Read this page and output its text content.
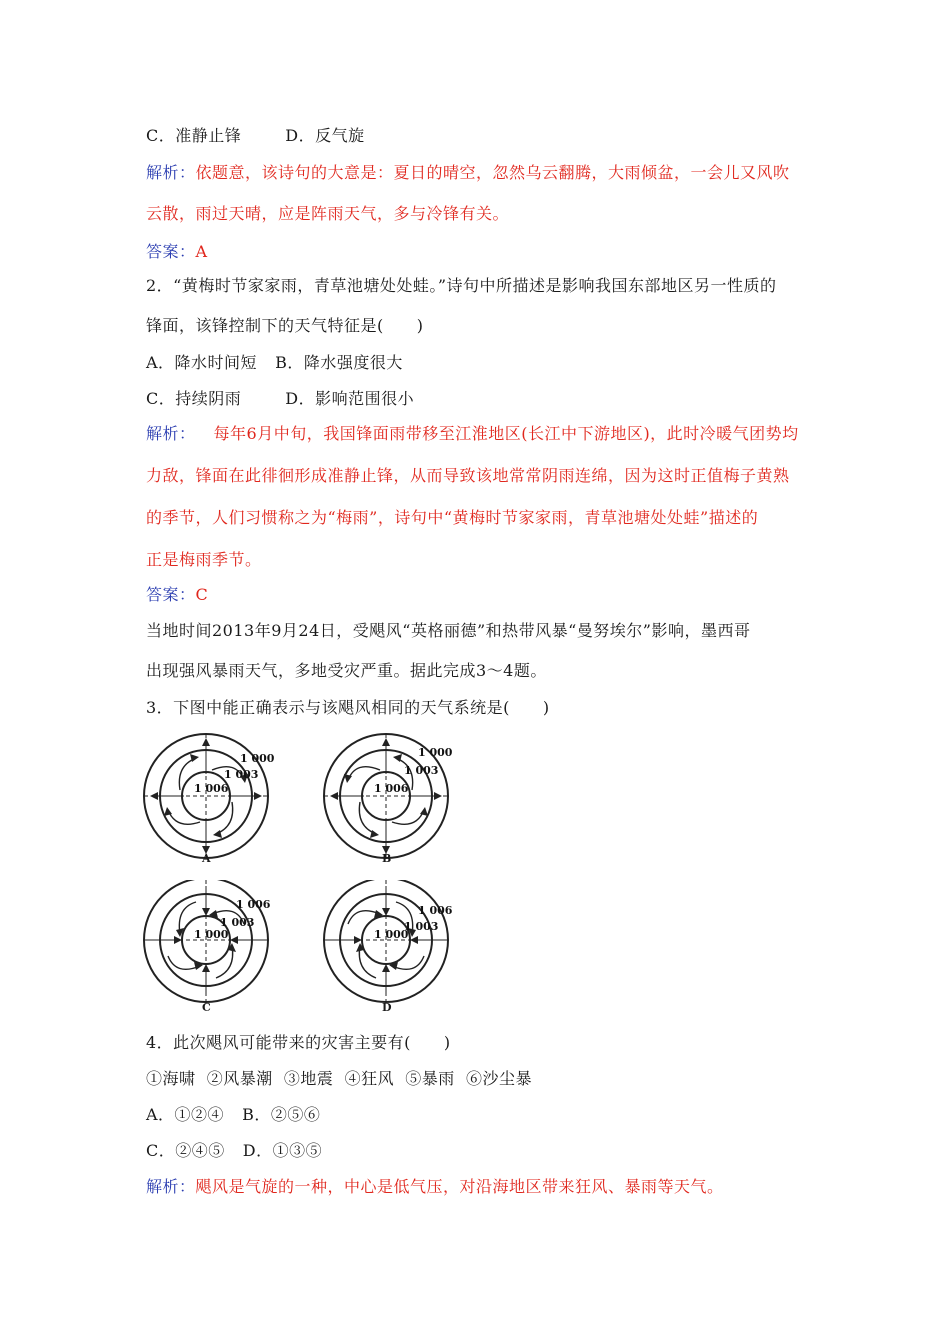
C．准静止锋	D．反气旋
解析：依题意，该诗句的大意是：夏日的晴空，忽然乌云翻腾，大雨倾盆，一会儿又风吹
云散，雨过天晴，应是阵雨天气，多与冷锋有关。
答案：A
2．“黄梅时节家家雨，青草池塘处处蛙。”诗句中所描述是影响我国东部地区另一性质的
锋面，该锋控制下的天气特征是(　　)
A．降水时间短 B．降水强度很大
C．持续阴雨	D．影响范围很小
解析： 每年6月中旬，我国锋面雨带移至江淮地区(长江中下游地区)，此时冷暖气团势均
力敌，锋面在此徘徊形成准静止锋，从而导致该地常常阴雨连绵，因为这时正值梅子黄熟
的季节，人们习惯称之为“梅雨”，诗句中“黄梅时节家家雨，青草池塘处处蛙”描述的
正是梅雨季节。
答案：C
当地时间2013年9月24日，受飓风“英格丽德”和热带风暴“曼努埃尔”影响，墨西哥
出现强风暴雨天气，多地受灾严重。据此完成3～4题。
3．下图中能正确表示与该飓风相同的天气系统是(　　)
1 006
1 003
1 000
A
1 006
1 003
1 000
B
1 000
1 003
1 006
C
1 000
1 003
1 006
D
4．此次飓风可能带来的灾害主要有(　　)
①海啸 ②风暴潮 ③地震 ④狂风 ⑤暴雨 ⑥沙尘暴
A．①②④ B．②⑤⑥
C．②④⑤ D．①③⑤
解析：飓风是气旋的一种，中心是低气压，对沿海地区带来狂风、暴雨等天气。
